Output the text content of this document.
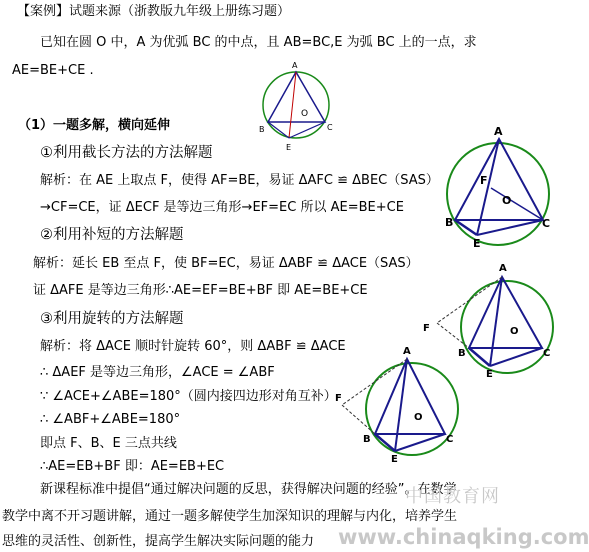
【案例】试题来源（浙教版九年级上册练习题）
已知在圆 O 中，A 为优弧 BC 的中点，且 AB=BC,E 为弧 BC 上的一点，求
AE=BE+CE .
（1）一题多解，横向延伸
①利用截长方法的方法解题
解析：在 AE 上取点 F，使得 AF=BE，易证 ΔAFC ≌ ΔBEC（SAS）
→CF=CE，证 ΔECF 是等边三角形→EF=EC 所以 AE=BE+CE
②利用补短的方法解题
解析：延长 EB 至点 F，使 BF=EC，易证 ΔABF ≌ ΔACE（SAS）
证 ΔAFE 是等边三角形∴AE=EF=BE+BF 即 AE=BE+CE
③利用旋转的方法解题
解析：将 ΔACE 顺时针旋转 60°，则 ΔABF ≌ ΔACE
∴ ΔAEF 是等边三角形，∠ACE = ∠ABF
∵ ∠ACE+∠ABE=180°（圆内接四边形对角互补）
∴ ∠ABF+∠ABE=180°
即点 F、B、E 三点共线
∴AE=EB+BF 即：AE=EB+EC
新课程标准中提倡“通过解决问题的反思，获得解决问题的经验”。在数学
教学中离不开习题讲解，通过一题多解使学生加深知识的理解与内化，培养学生
思维的灵活性、创新性，提高学生解决实际问题的能力
A
B	C
E
O
A
B	C
E
F
O
A
F
B	C
E
O
A
F
B	C
E
O
中国教育网
www.chinaqking.com
